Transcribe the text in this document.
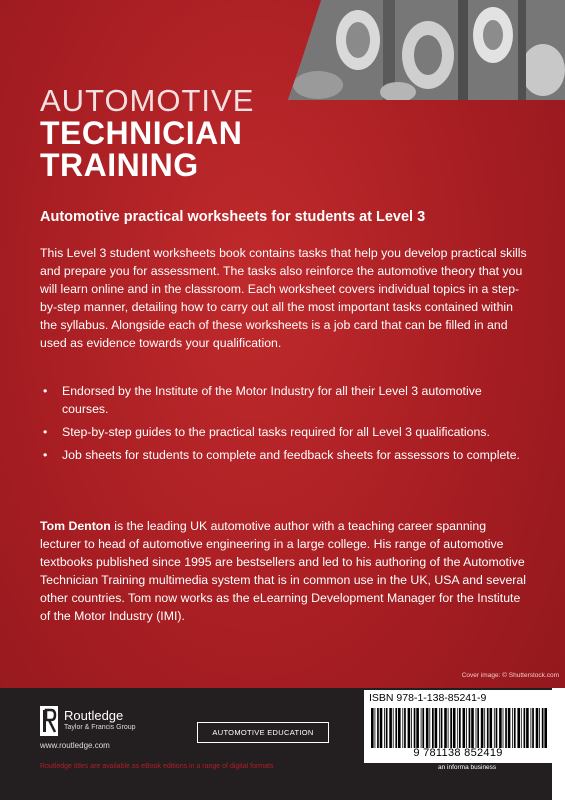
AUTOMOTIVE
TECHNICIAN
TRAINING
Automotive practical worksheets for students at Level 3

This Level 3 student worksheets book contains tasks that help you develop practical skills and prepare you for assessment. The tasks also reinforce the automotive theory that you will learn online and in the classroom. Each worksheet covers individual topics in a step-by-step manner, detailing how to carry out all the most important tasks contained within the syllabus. Alongside each of these worksheets is a job card that can be filled in and used as evidence towards your qualification.

• Endorsed by the Institute of the Motor Industry for all their Level 3 automotive courses.
• Step-by-step guides to the practical tasks required for all Level 3 qualifications.
• Job sheets for students to complete and feedback sheets for assessors to complete.

Tom Denton is the leading UK automotive author with a teaching career spanning lecturer to head of automotive engineering in a large college. His range of automotive textbooks published since 1995 are bestsellers and led to his authoring of the Automotive Technician Training multimedia system that is in common use in the UK, USA and several other countries. Tom now works as the eLearning Development Manager for the Institute of the Motor Industry (IMI).

Cover image: © Shutterstock.com
Routledge
Taylor & Francis Group
www.routledge.com
AUTOMOTIVE EDUCATION
Routledge titles are available as eBook editions in a range of digital formats
ISBN 978-1-138-85241-9
9 781138 852419
an informa business
